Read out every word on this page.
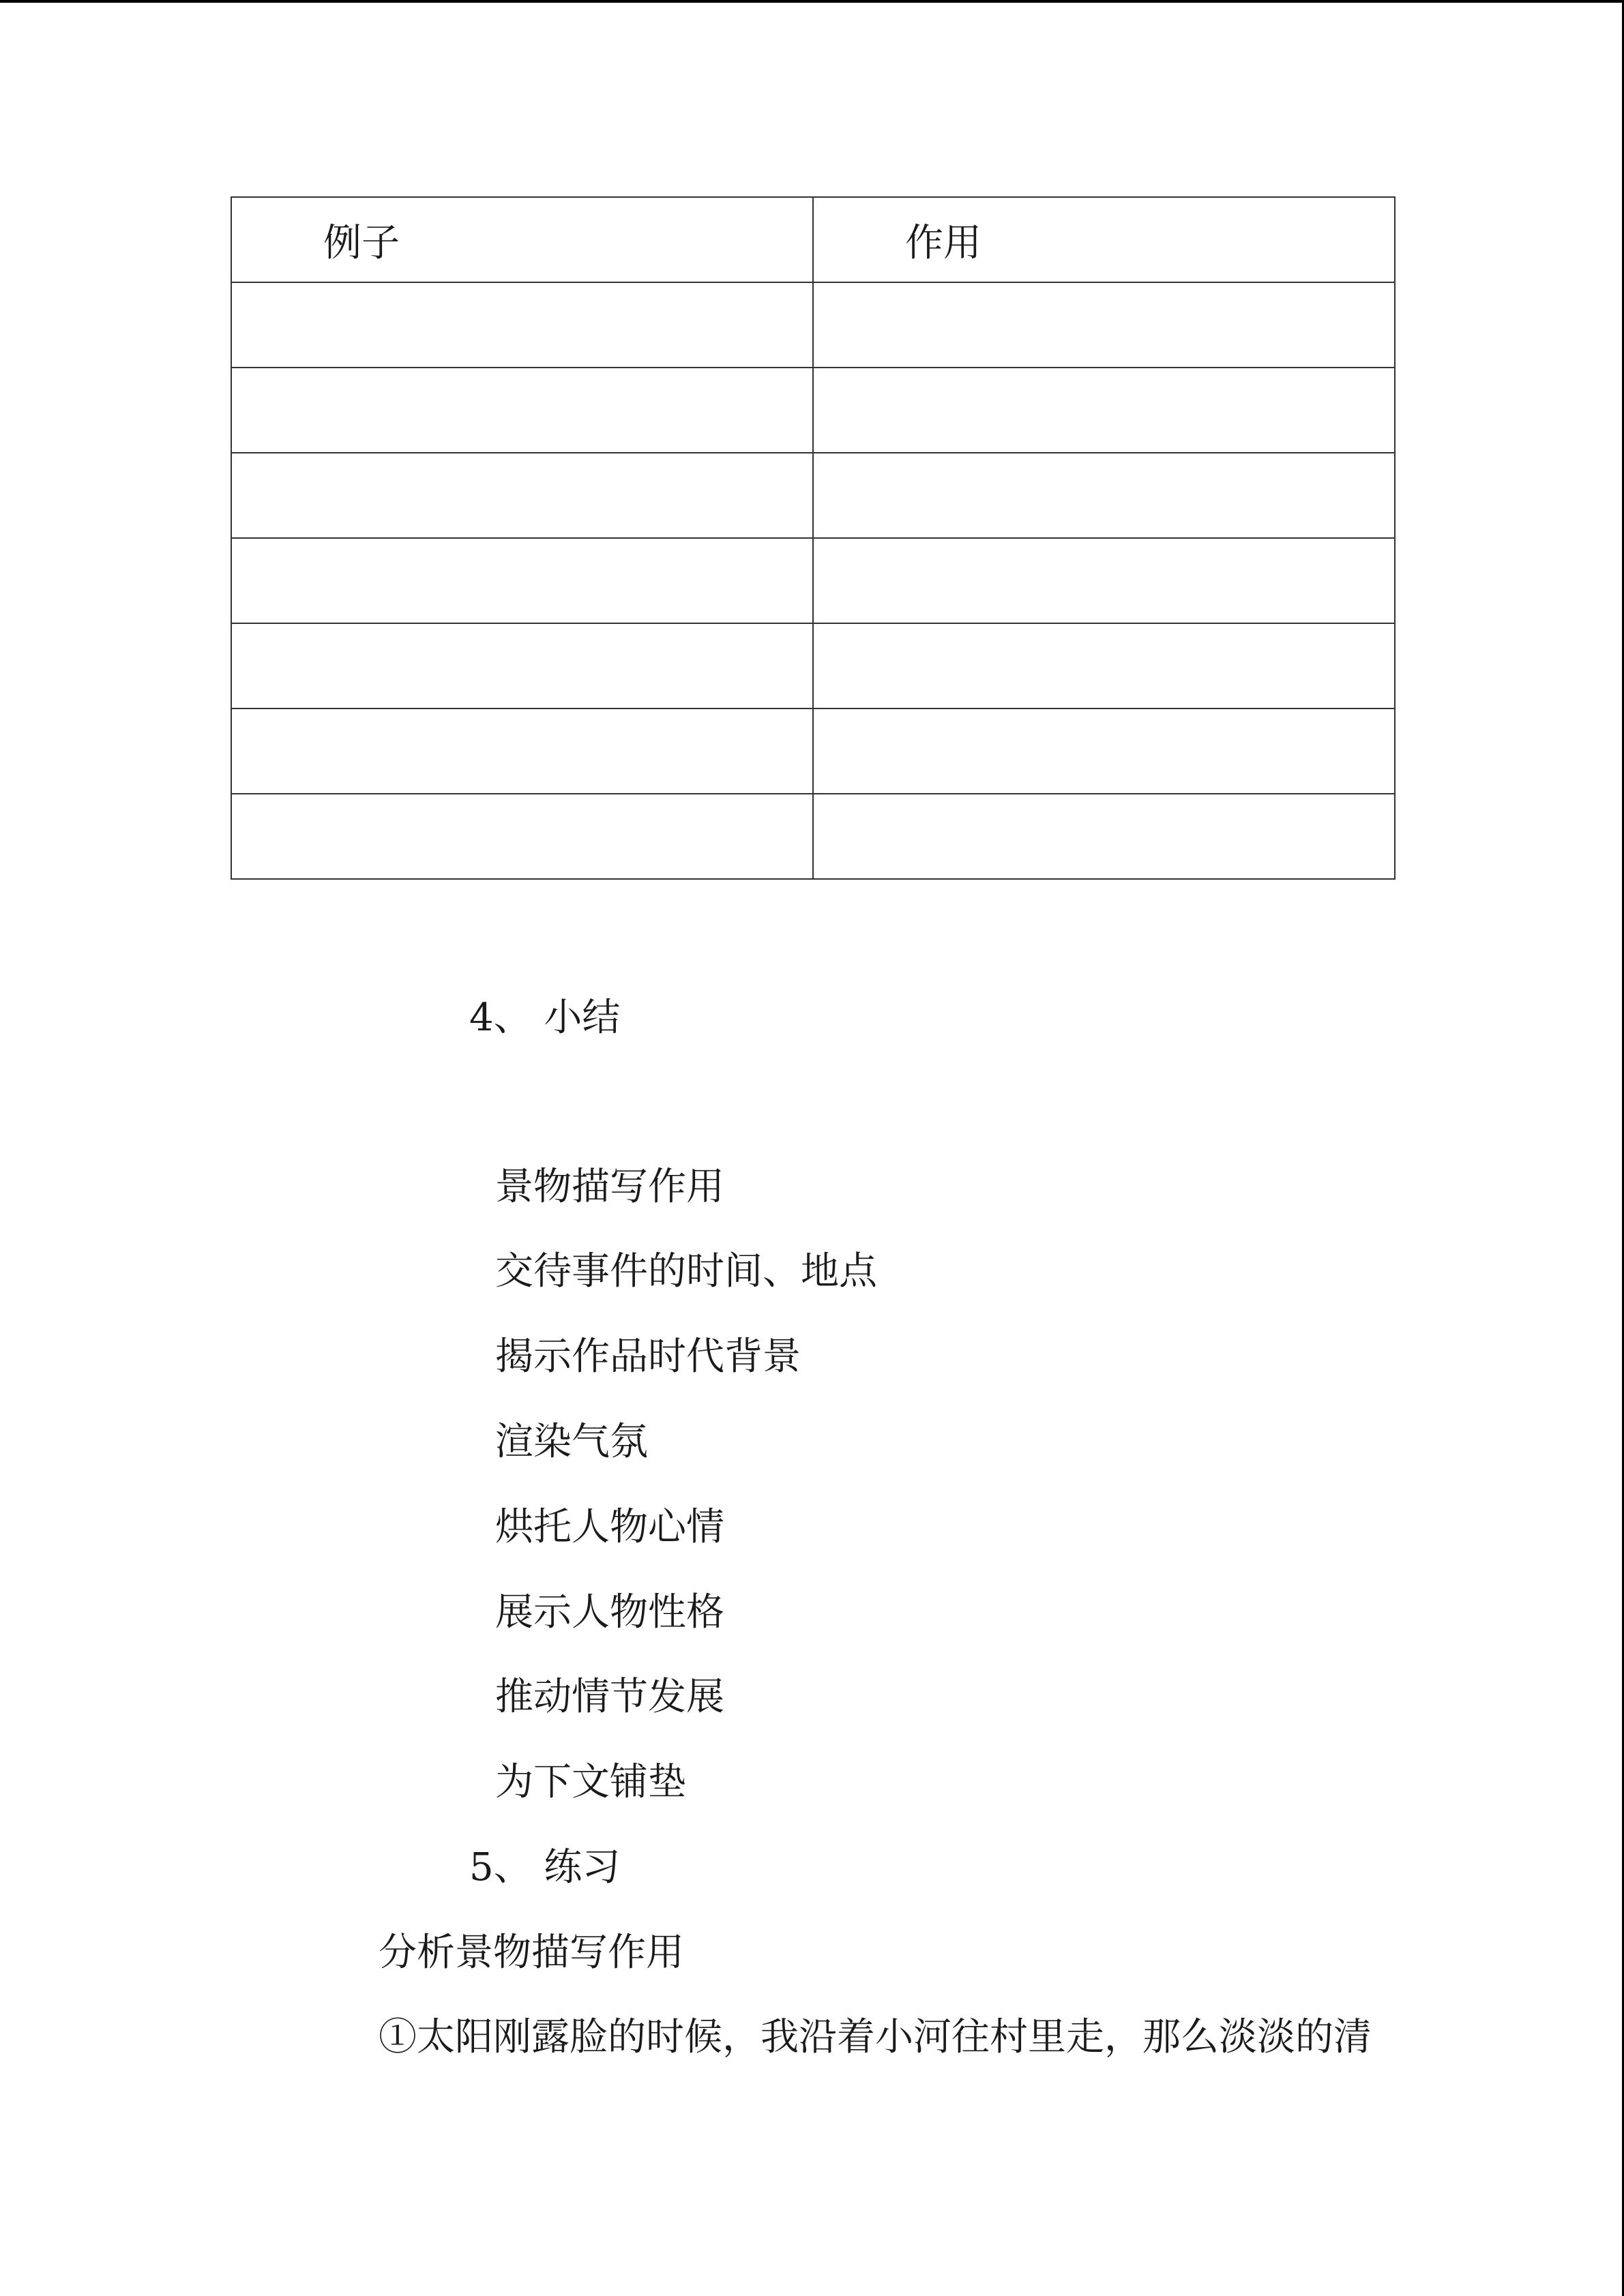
例子	作用

4、 小结
景物描写作用
交待事件的时间、地点
揭示作品时代背景
渲染气氛
烘托人物心情
展示人物性格
推动情节发展
为下文铺垫
5、 练习
分析景物描写作用
①太阳刚露脸的时候，我沿着小河往村里走，那么淡淡的清
